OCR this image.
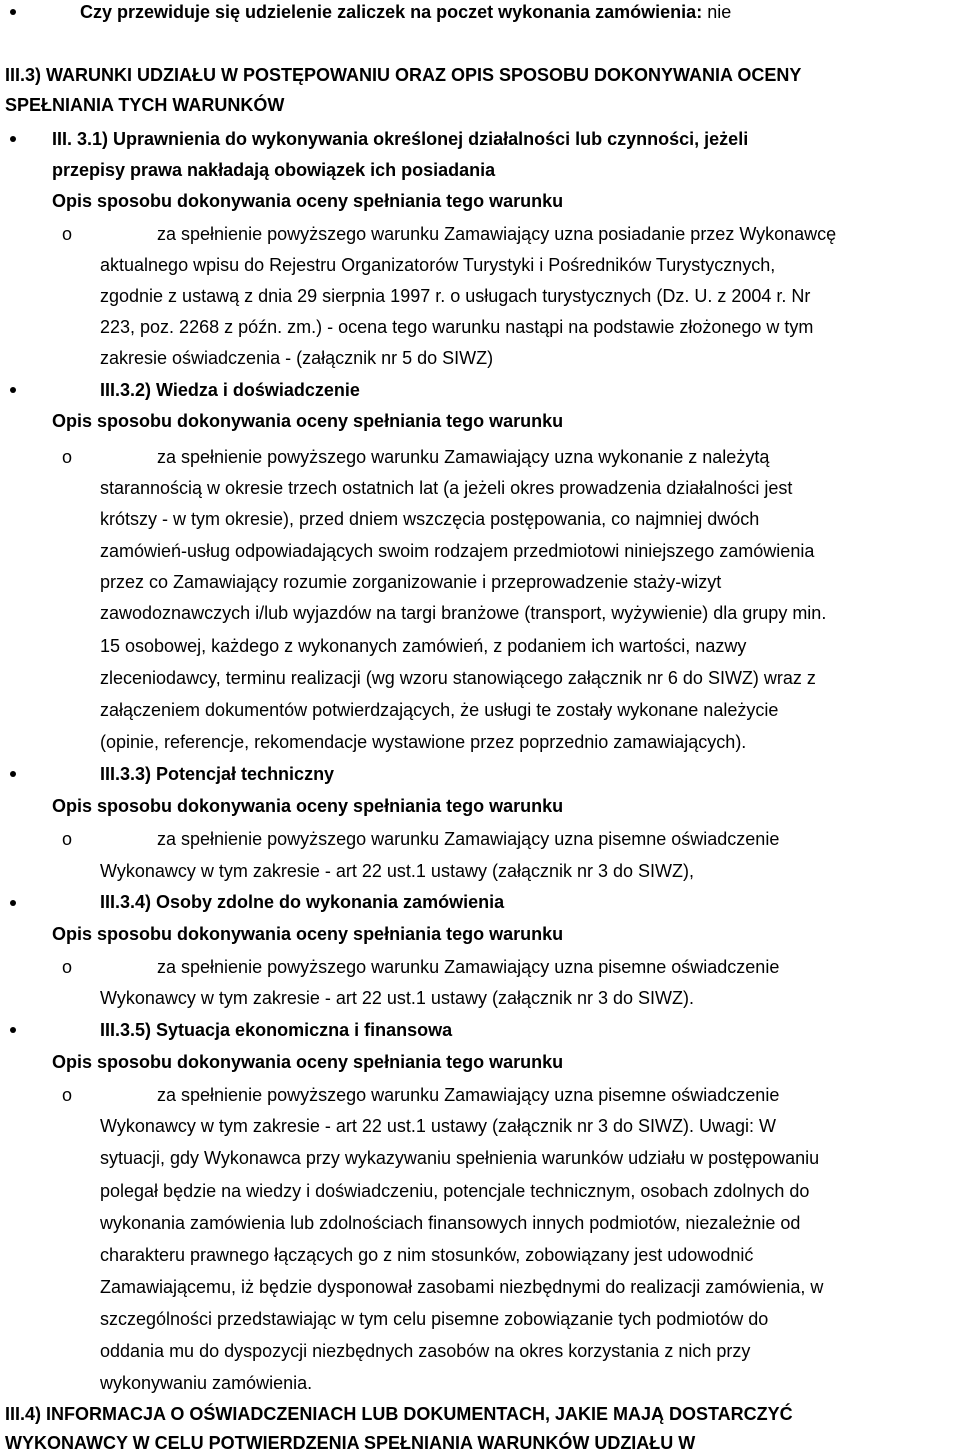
Czy przewiduje się udzielenie zaliczek na poczet wykonania zamówienia: nie
III.3) WARUNKI UDZIAŁU W POSTĘPOWANIU ORAZ OPIS SPOSOBU DOKONYWANIA OCENY
SPEŁNIANIA TYCH WARUNKÓW
III. 3.1) Uprawnienia do wykonywania określonej działalności lub czynności, jeżeli
przepisy prawa nakładają obowiązek ich posiadania
Opis sposobu dokonywania oceny spełniania tego warunku
o	za spełnienie powyższego warunku Zamawiający uzna posiadanie przez Wykonawcę
aktualnego wpisu do Rejestru Organizatorów Turystyki i Pośredników Turystycznych,
zgodnie z ustawą z dnia 29 sierpnia 1997 r. o usługach turystycznych (Dz. U. z 2004 r. Nr
223, poz. 2268 z późn. zm.) - ocena tego warunku nastąpi na podstawie złożonego w tym
zakresie oświadczenia - (załącznik nr 5 do SIWZ)
III.3.2) Wiedza i doświadczenie
Opis sposobu dokonywania oceny spełniania tego warunku
o	za spełnienie powyższego warunku Zamawiający uzna wykonanie z należytą
starannością w okresie trzech ostatnich lat (a jeżeli okres prowadzenia działalności jest
krótszy - w tym okresie), przed dniem wszczęcia postępowania, co najmniej dwóch
zamówień-usług odpowiadających swoim rodzajem przedmiotowi niniejszego zamówienia
przez co Zamawiający rozumie zorganizowanie i przeprowadzenie staży-wizyt
zawodoznawczych i/lub wyjazdów na targi branżowe (transport, wyżywienie) dla grupy min.
15 osobowej, każdego z wykonanych zamówień, z podaniem ich wartości, nazwy
zleceniodawcy, terminu realizacji (wg wzoru stanowiącego załącznik nr 6 do SIWZ) wraz z
załączeniem dokumentów potwierdzających, że usługi te zostały wykonane należycie
(opinie, referencje, rekomendacje wystawione przez poprzednio zamawiających).
III.3.3) Potencjał techniczny
Opis sposobu dokonywania oceny spełniania tego warunku
o	za spełnienie powyższego warunku Zamawiający uzna pisemne oświadczenie
Wykonawcy w tym zakresie - art 22 ust.1 ustawy (załącznik nr 3 do SIWZ),
III.3.4) Osoby zdolne do wykonania zamówienia
Opis sposobu dokonywania oceny spełniania tego warunku
o	za spełnienie powyższego warunku Zamawiający uzna pisemne oświadczenie
Wykonawcy w tym zakresie - art 22 ust.1 ustawy (załącznik nr 3 do SIWZ).
III.3.5) Sytuacja ekonomiczna i finansowa
Opis sposobu dokonywania oceny spełniania tego warunku
o	za spełnienie powyższego warunku Zamawiający uzna pisemne oświadczenie
Wykonawcy w tym zakresie - art 22 ust.1 ustawy (załącznik nr 3 do SIWZ). Uwagi: W
sytuacji, gdy Wykonawca przy wykazywaniu spełnienia warunków udziału w postępowaniu
polegał będzie na wiedzy i doświadczeniu, potencjale technicznym, osobach zdolnych do
wykonania zamówienia lub zdolnościach finansowych innych podmiotów, niezależnie od
charakteru prawnego łączących go z nim stosunków, zobowiązany jest udowodnić
Zamawiającemu, iż będzie dysponował zasobami niezbędnymi do realizacji zamówienia, w
szczególności przedstawiając w tym celu pisemne zobowiązanie tych podmiotów do
oddania mu do dyspozycji niezbędnych zasobów na okres korzystania z nich przy
wykonywaniu zamówienia.
III.4) INFORMACJA O OŚWIADCZENIACH LUB DOKUMENTACH, JAKIE MAJĄ DOSTARCZYĆ
WYKONAWCY W CELU POTWIERDZENIA SPEŁNIANIA WARUNKÓW UDZIAŁU W
